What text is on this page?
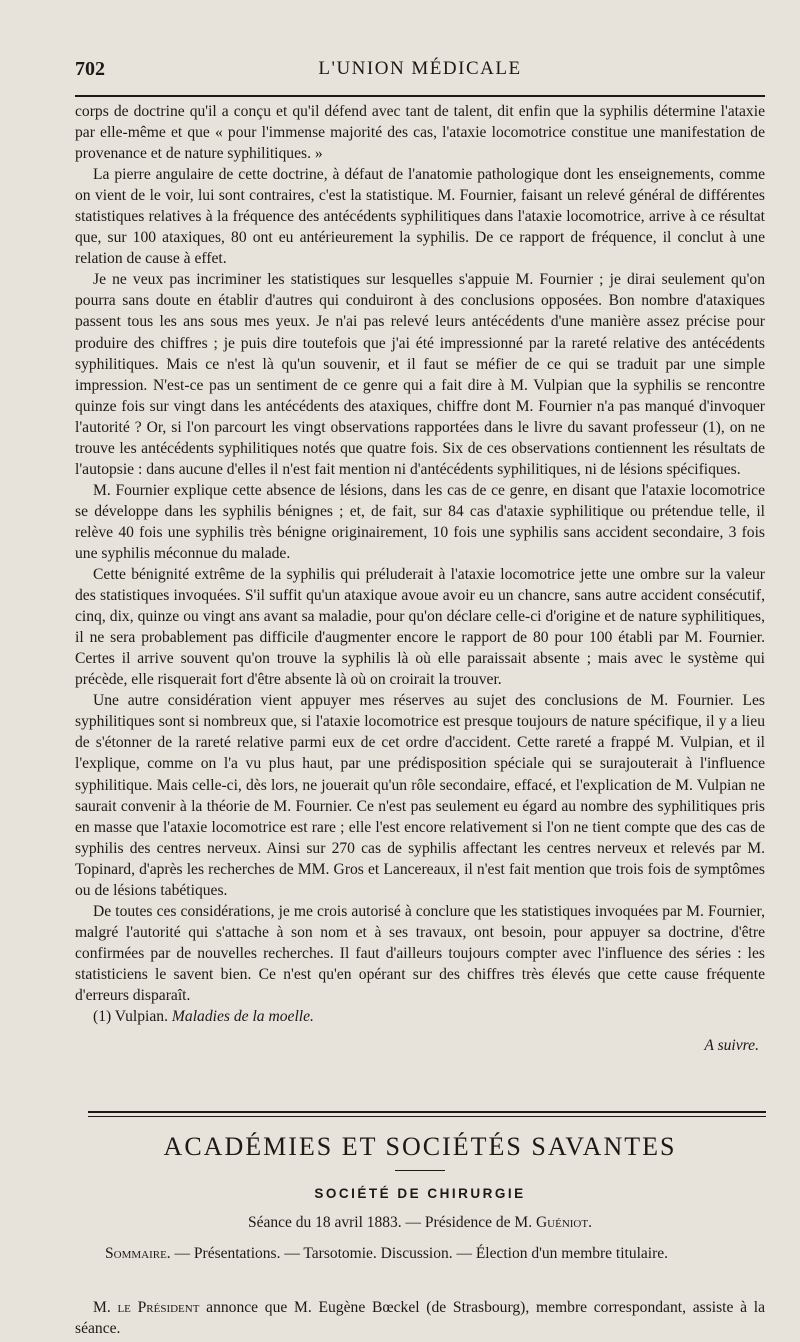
702	L'UNION MÉDICALE

corps de doctrine qu'il a conçu et qu'il défend avec tant de talent, dit enfin que la syphilis détermine l'ataxie par elle-même et que « pour l'immense majorité des cas, l'ataxie locomotrice constitue une manifestation de provenance et de nature syphilitiques. »

La pierre angulaire de cette doctrine, à défaut de l'anatomie pathologique dont les enseignements, comme on vient de le voir, lui sont contraires, c'est la statistique. M. Fournier, faisant un relevé général de différentes statistiques relatives à la fréquence des antécédents syphilitiques dans l'ataxie locomotrice, arrive à ce résultat que, sur 100 ataxiques, 80 ont eu antérieurement la syphilis. De ce rapport de fréquence, il conclut à une relation de cause à effet.

Je ne veux pas incriminer les statistiques sur lesquelles s'appuie M. Fournier ; je dirai seulement qu'on pourra sans doute en établir d'autres qui conduiront à des conclusions opposées. Bon nombre d'ataxiques passent tous les ans sous mes yeux. Je n'ai pas relevé leurs antécédents d'une manière assez précise pour produire des chiffres ; je puis dire toutefois que j'ai été impressionné par la rareté relative des antécédents syphilitiques. Mais ce n'est là qu'un souvenir, et il faut se méfier de ce qui se traduit par une simple impression. N'est-ce pas un sentiment de ce genre qui a fait dire à M. Vulpian que la syphilis se rencontre quinze fois sur vingt dans les antécédents des ataxiques, chiffre dont M. Fournier n'a pas manqué d'invoquer l'autorité ? Or, si l'on parcourt les vingt observations rapportées dans le livre du savant professeur (1), on ne trouve les antécédents syphilitiques notés que quatre fois. Six de ces observations contiennent les résultats de l'autopsie : dans aucune d'elles il n'est fait mention ni d'antécédents syphilitiques, ni de lésions spécifiques.

M. Fournier explique cette absence de lésions, dans les cas de ce genre, en disant que l'ataxie locomotrice se développe dans les syphilis bénignes ; et, de fait, sur 84 cas d'ataxie syphilitique ou prétendue telle, il relève 40 fois une syphilis très bénigne originairement, 10 fois une syphilis sans accident secondaire, 3 fois une syphilis méconnue du malade.

Cette bénignité extrême de la syphilis qui préluderait à l'ataxie locomotrice jette une ombre sur la valeur des statistiques invoquées. S'il suffit qu'un ataxique avoue avoir eu un chancre, sans autre accident consécutif, cinq, dix, quinze ou vingt ans avant sa maladie, pour qu'on déclare celle-ci d'origine et de nature syphilitiques, il ne sera probablement pas difficile d'augmenter encore le rapport de 80 pour 100 établi par M. Fournier. Certes il arrive souvent qu'on trouve la syphilis là où elle paraissait absente ; mais avec le système qui précède, elle risquerait fort d'être absente là où on croirait la trouver.

Une autre considération vient appuyer mes réserves au sujet des conclusions de M. Fournier. Les syphilitiques sont si nombreux que, si l'ataxie locomotrice est presque toujours de nature spécifique, il y a lieu de s'étonner de la rareté relative parmi eux de cet ordre d'accident. Cette rareté a frappé M. Vulpian, et il l'explique, comme on l'a vu plus haut, par une prédisposition spéciale qui se surajouterait à l'influence syphilitique. Mais celle-ci, dès lors, ne jouerait qu'un rôle secondaire, effacé, et l'explication de M. Vulpian ne saurait convenir à la théorie de M. Fournier. Ce n'est pas seulement eu égard au nombre des syphilitiques pris en masse que l'ataxie locomotrice est rare ; elle l'est encore relativement si l'on ne tient compte que des cas de syphilis des centres nerveux. Ainsi sur 270 cas de syphilis affectant les centres nerveux et relevés par M. Topinard, d'après les recherches de MM. Gros et Lancereaux, il n'est fait mention que trois fois de symptômes ou de lésions tabétiques.

De toutes ces considérations, je me crois autorisé à conclure que les statistiques invoquées par M. Fournier, malgré l'autorité qui s'attache à son nom et à ses travaux, ont besoin, pour appuyer sa doctrine, d'être confirmées par de nouvelles recherches. Il faut d'ailleurs toujours compter avec l'influence des séries : les statisticiens le savent bien. Ce n'est qu'en opérant sur des chiffres très élevés que cette cause fréquente d'erreurs disparaît.

(1) Vulpian. Maladies de la moelle.

A suivre.
ACADÉMIES ET SOCIÉTÉS SAVANTES
SOCIÉTÉ DE CHIRURGIE
Séance du 18 avril 1883. — Présidence de M. Guéniot.
Sommaire. — Présentations. — Tarsotomie. Discussion. — Élection d'un membre titulaire.

M. le Président annonce que M. Eugène Bœckel (de Strasbourg), membre correspondant, assiste à la séance.
